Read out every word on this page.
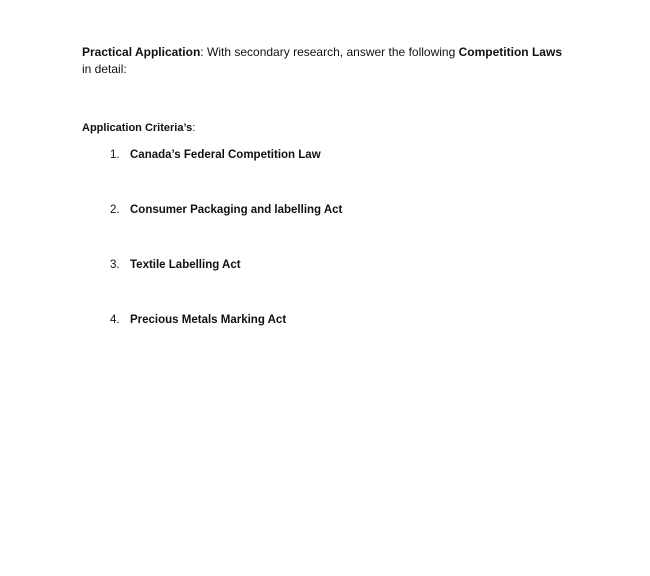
Practical Application: With secondary research, answer the following Competition Laws in detail:

Application Criteria’s:
1. Canada’s Federal Competition Law
2. Consumer Packaging and labelling Act
3. Textile Labelling Act
4. Precious Metals Marking Act
